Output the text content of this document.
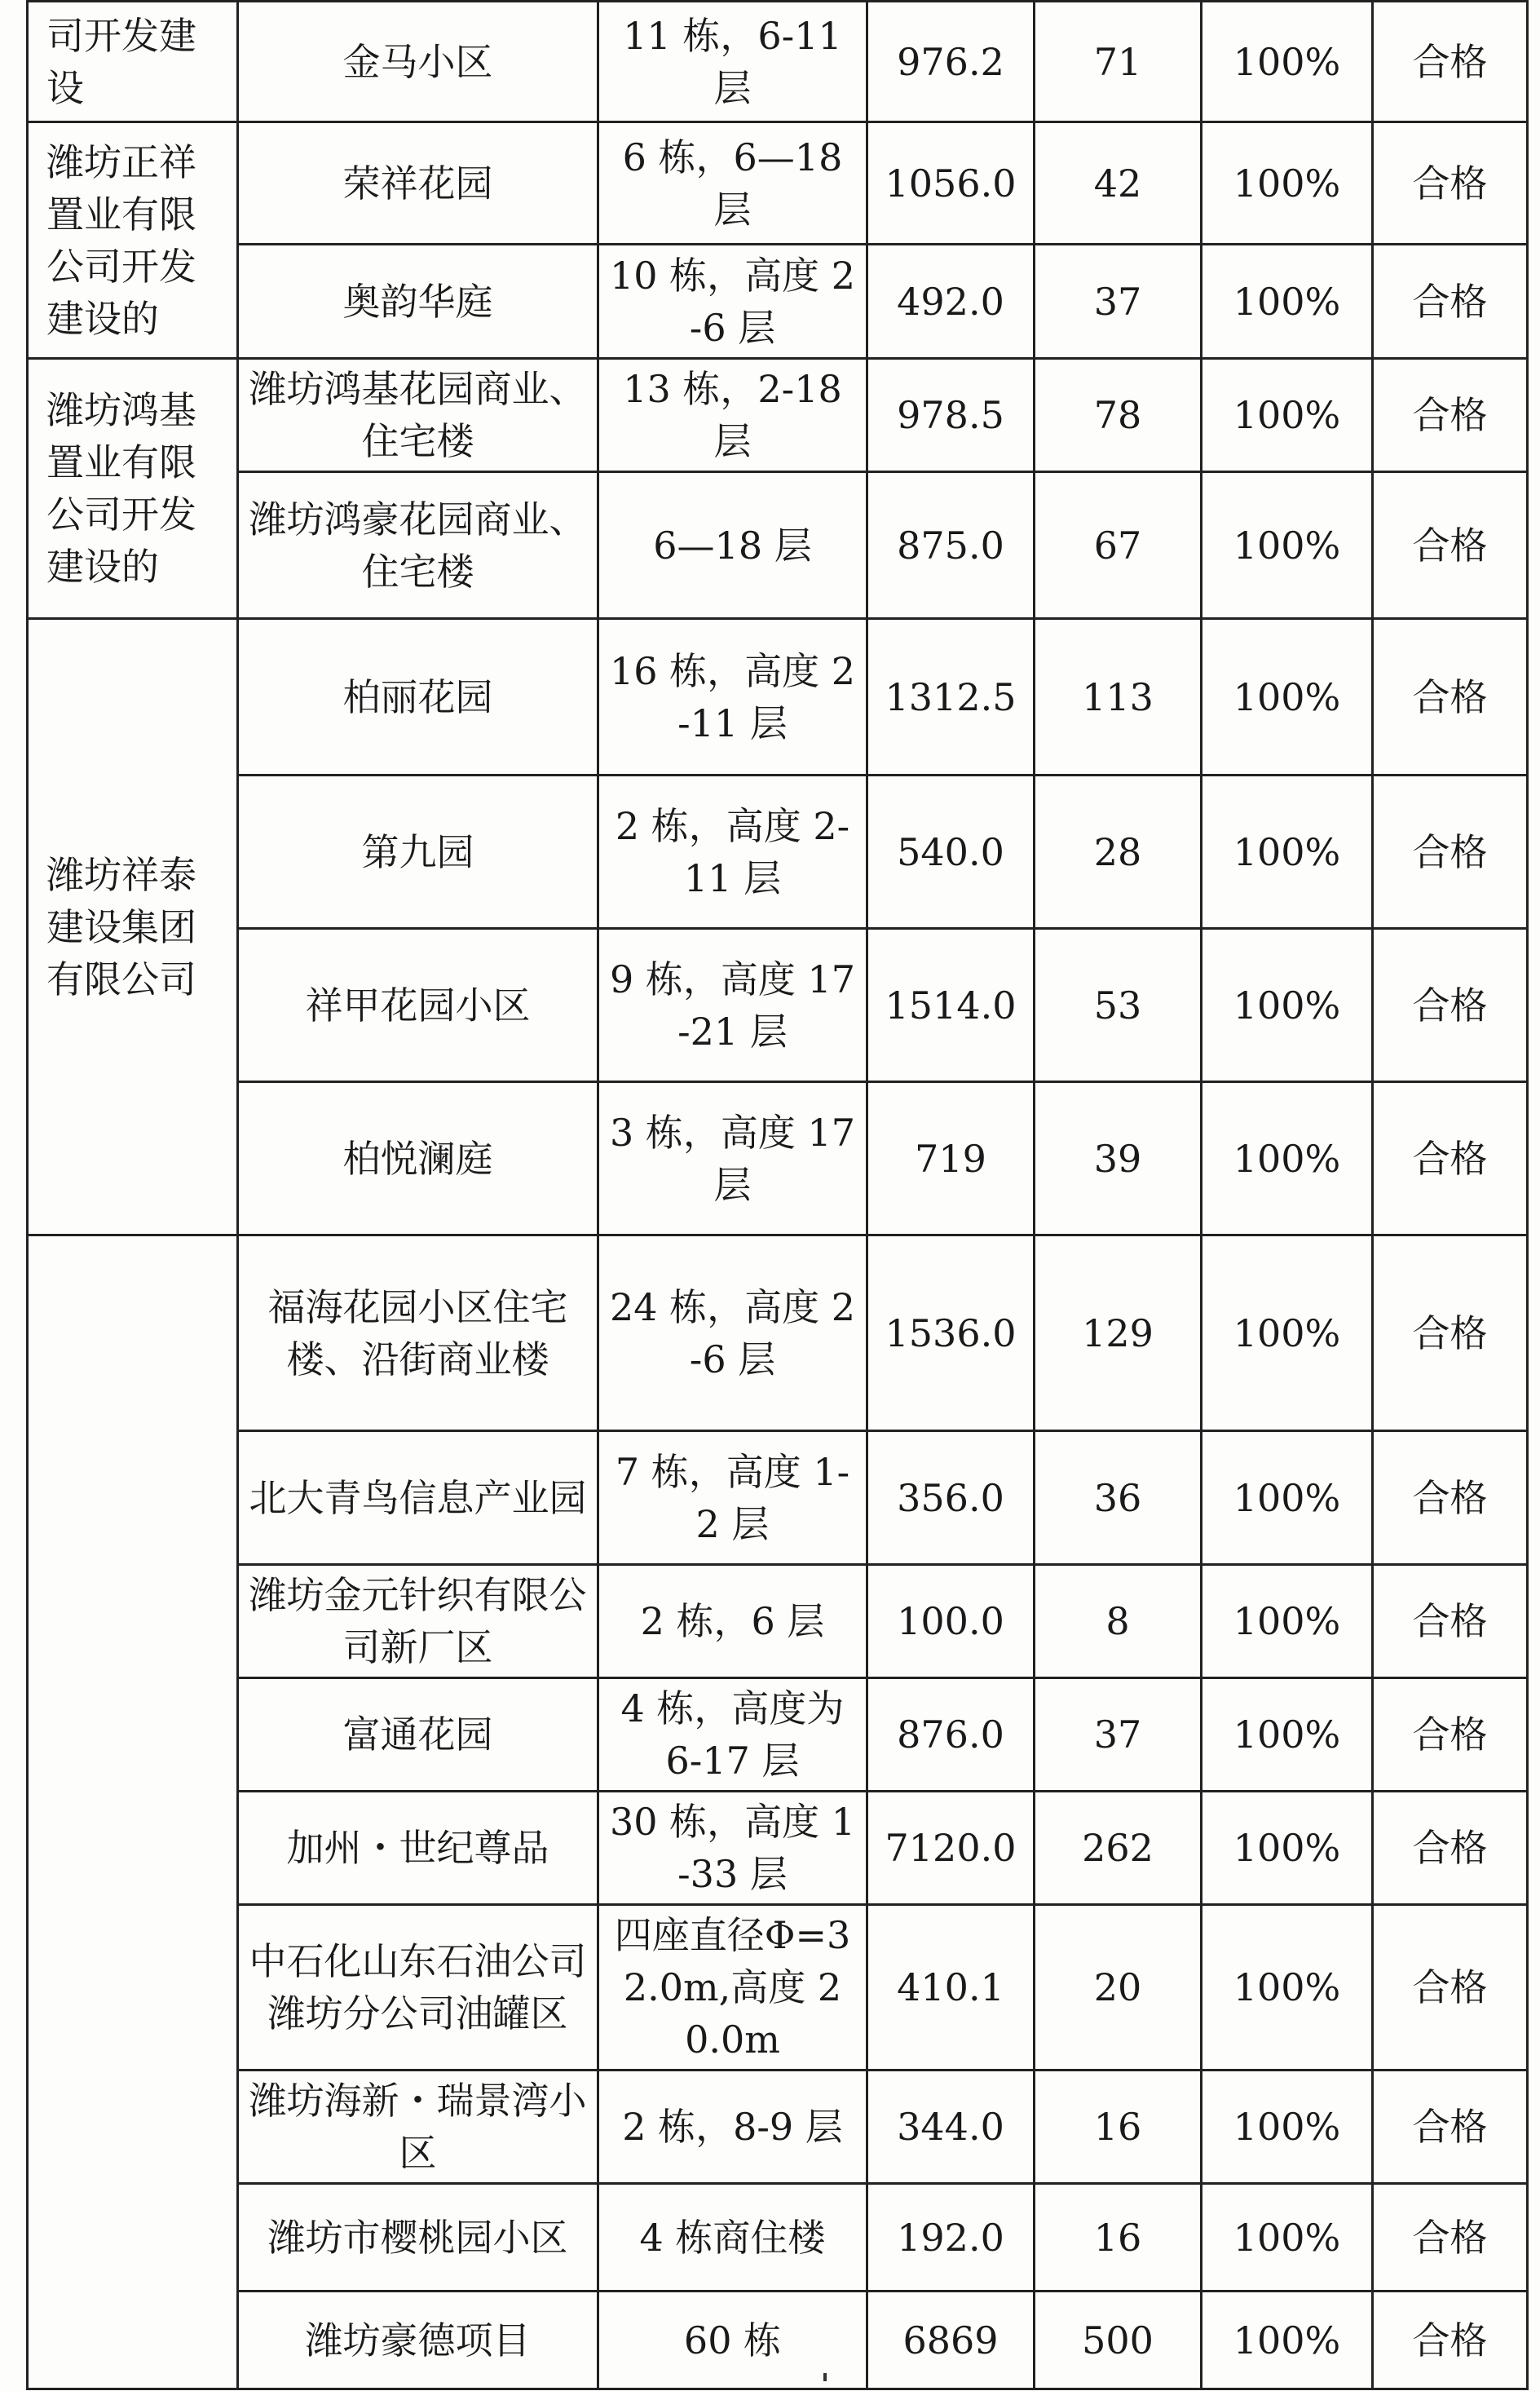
司开发建设	金马小区	11 栋，6-11 层	976.2	71	100%	合格
潍坊正祥置业有限公司开发建设的	荣祥花园	6 栋，6—18 层	1056.0	42	100%	合格
	奥韵华庭	10 栋，高度 2-6 层	492.0	37	100%	合格
潍坊鸿基置业有限公司开发建设的	潍坊鸿基花园商业、住宅楼	13 栋，2-18 层	978.5	78	100%	合格
	潍坊鸿豪花园商业、住宅楼	6—18 层	875.0	67	100%	合格
潍坊祥泰建设集团有限公司	柏丽花园	16 栋，高度 2-11 层	1312.5	113	100%	合格
	第九园	2 栋，高度 2-11 层	540.0	28	100%	合格
	祥甲花园小区	9 栋，高度 17-21 层	1514.0	53	100%	合格
	柏悦澜庭	3 栋，高度 17 层	719	39	100%	合格
	福海花园小区住宅楼、沿街商业楼	24 栋，高度 2-6 层	1536.0	129	100%	合格
	北大青鸟信息产业园	7 栋，高度 1-2 层	356.0	36	100%	合格
	潍坊金元针织有限公司新厂区	2 栋，6 层	100.0	8	100%	合格
	富通花园	4 栋，高度为 6-17 层	876.0	37	100%	合格
	加州・世纪尊品	30 栋，高度 1-33 层	7120.0	262	100%	合格
	中石化山东石油公司潍坊分公司油罐区	四座直径Φ=32.0m,高度 20.0m	410.1	20	100%	合格
	潍坊海新・瑞景湾小区	2 栋，8-9 层	344.0	16	100%	合格
	潍坊市樱桃园小区	4 栋商住楼	192.0	16	100%	合格
	潍坊豪德项目	60 栋	6869	500	100%	合格
